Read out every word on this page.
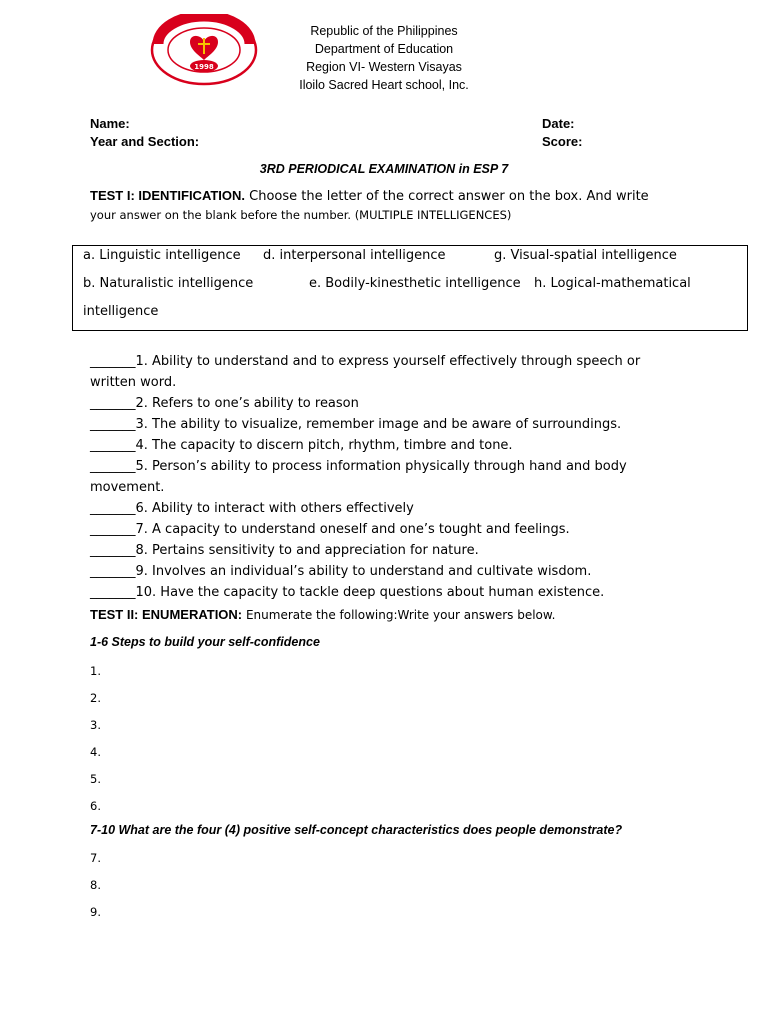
1998
Republic of the Philippines
Department of Education
Region VI- Western Visayas
Iloilo Sacred Heart school, Inc.
Name:	Date:
Year and Section:	Score:
3RD PERIODICAL EXAMINATION in ESP 7
TEST I: IDENTIFICATION. Choose the letter of the correct answer on the box. And write
your answer on the blank before the number. (MULTIPLE INTELLIGENCES)
a. Linguistic intelligence d. interpersonal intelligence	g. Visual-spatial intelligence
b. Naturalistic intelligence	e. Bodily-kinesthetic intelligence h. Logical-mathematical
intelligence
_______1. Ability to understand and to express yourself effectively through speech or
written word.
_______2. Refers to one’s ability to reason
_______3. The ability to visualize, remember image and be aware of surroundings.
_______4. The capacity to discern pitch, rhythm, timbre and tone.
_______5. Person’s ability to process information physically through hand and body
movement.
_______6. Ability to interact with others effectively
_______7. A capacity to understand oneself and one’s tought and feelings.
_______8. Pertains sensitivity to and appreciation for nature.
_______9. Involves an individual’s ability to understand and cultivate wisdom.
_______10. Have the capacity to tackle deep questions about human existence.
TEST II: ENUMERATION: Enumerate the following:Write your answers below.
1-6 Steps to build your self-confidence
1.
2.
3.
4.
5.
6.
7-10 What are the four (4) positive self-concept characteristics does people demonstrate?
7.
8.
9.
